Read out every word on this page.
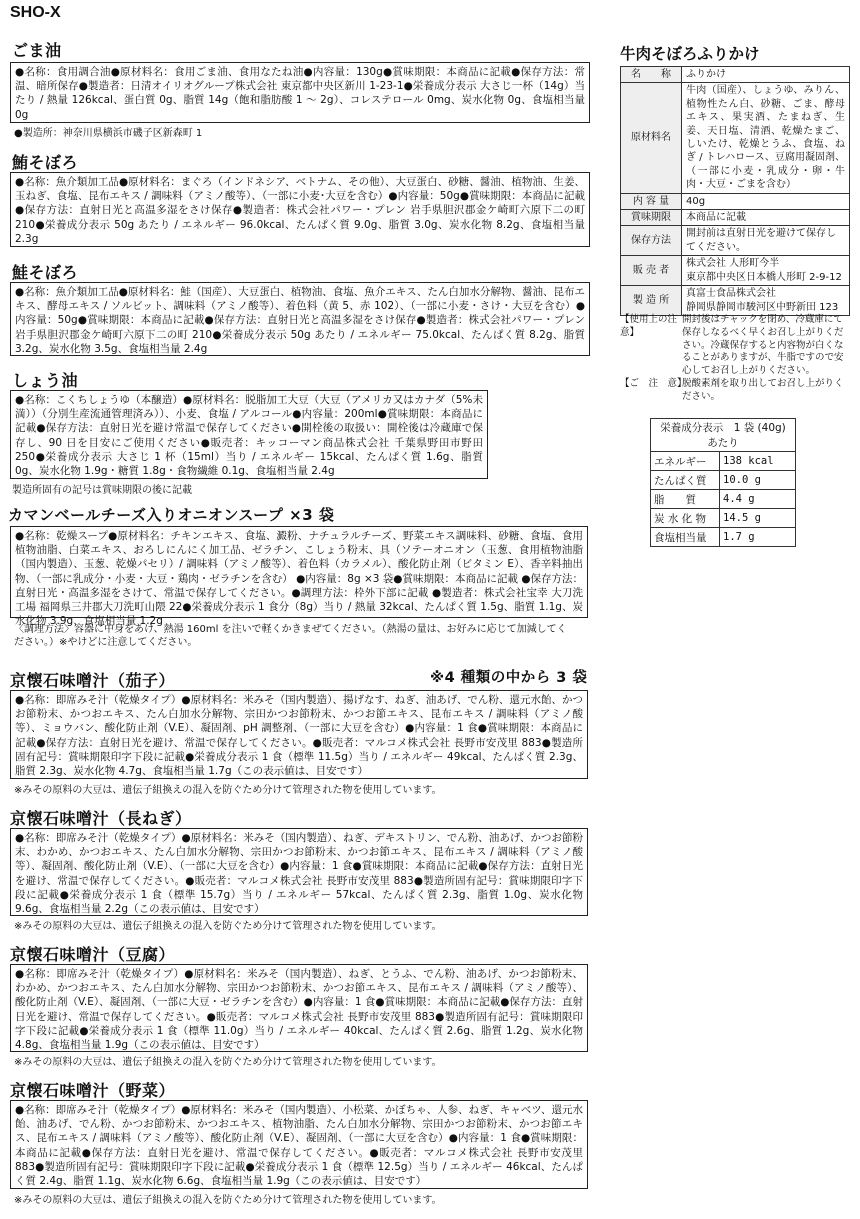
SHO-X
ごま油
●名称：食用調合油●原材料名：食用ごま油、食用なたね油●内容量：130g●賞味期限：本商品に記載●保存方法：常温、暗所保存●製造者：日清オイリオグループ株式会社 東京都中央区新川 1-23-1●栄養成分表示 大さじ一杯（14g）当たり / 熱量 126kcal、蛋白質 0g、脂質 14g（飽和脂肪酸 1 〜 2g）、コレステロール 0mg、炭水化物 0g、食塩相当量 0g
●製造所：神奈川県横浜市磯子区新森町 1
鮪そぼろ
●名称：魚介類加工品●原材料名：まぐろ（インドネシア、ベトナム、その他）、大豆蛋白、砂糖、醤油、植物油、生姜、玉ねぎ、食塩、昆布エキス / 調味料（アミノ酸等）、（一部に小麦･大豆を含む）●内容量：50g●賞味期限：本商品に記載●保存方法：直射日光と高温多湿をさけ保存●製造者：株式会社パワー・プレン 岩手県胆沢郡金ケ崎町六原下二の町 210●栄養成分表示 50g あたり / エネルギー 96.0kcal、たんぱく質 9.0g、脂質 3.0g、炭水化物 8.2g、食塩相当量 2.3g
鮭そぼろ
●名称：魚介類加工品●原材料名：鮭（国産）、大豆蛋白、植物油、食塩、魚介エキス、たん白加水分解物、醤油、昆布エキス、酵母エキス / ソルビット、調味料（アミノ酸等）、着色料（黄 5、赤 102）、（一部に小麦・さけ・大豆を含む）●内容量：50g●賞味期限：本商品に記載●保存方法：直射日光と高温多湿をさけ保存●製造者：株式会社パワー・プレン 岩手県胆沢郡金ケ崎町六原下二の町 210●栄養成分表示 50g あたり / エネルギー 75.0kcal、たんぱく質 8.2g、脂質 3.2g、炭水化物 3.5g、食塩相当量 2.4g
しょう油
●名称：こくちしょうゆ（本醸造）●原材料名：脱脂加工大豆（大豆（アメリカ又はカナダ（5%未満））（分別生産流通管理済み））、小麦、食塩 / アルコール●内容量：200ml●賞味期限：本商品に記載●保存方法：直射日光を避け常温で保存してください●開栓後の取扱い：開栓後は冷蔵庫で保存し、90 日を目安にご使用ください●販売者：キッコーマン商品株式会社 千葉県野田市野田 250●栄養成分表示 大さじ 1 杯（15ml）当り / エネルギー 15kcal、たんぱく質 1.6g、脂質 0g、炭水化物 1.9g・糖質 1.8g・食物繊維 0.1g、食塩相当量 2.4g
製造所固有の記号は賞味期限の後に記載
カマンベールチーズ入りオニオンスープ ×3 袋
●名称：乾燥スープ●原材料名：チキンエキス、食塩、澱粉、ナチュラルチーズ、野菜エキス調味料、砂糖、食塩、食用植物油脂、白菜エキス、おろしにんにく加工品、ゼラチン、こしょう粉末、具（ソテーオニオン（玉葱、食用植物油脂（国内製造）、玉葱、乾燥パセリ）/ 調味料（アミノ酸等）、着色料（カラメル）、酸化防止剤（ビタミン E）、香辛料抽出物、（一部に乳成分・小麦・大豆・鶏肉・ゼラチンを含む） ●内容量：8g ×3 袋●賞味期限：本商品に記載 ●保存方法：直射日光・高温多湿をさけて、常温で保存してください。●調理方法：枠外下部に記載 ●製造者：株式会社宝幸 大刀洗工場 福岡県三井郡大刀洗町山隈 22●栄養成分表示 1 食分（8g）当り / 熱量 32kcal、たんぱく質 1.5g、脂質 1.1g、炭水化物 3.9g、食塩相当量 1.2g
〈調理方法〉容器に中身をあけ、熱湯 160ml を注いで軽くかきまぜてください。（熱湯の量は、お好みに応じて加減してください。）※やけどに注意してください。
※4 種類の中から 3 袋
京懐石味噌汁（茄子）
●名称：即席みそ汁（乾燥タイプ）●原材料名：米みそ（国内製造）、揚げなす、ねぎ、油あげ、でん粉、還元水飴、かつお節粉末、かつおエキス、たん白加水分解物、宗田かつお節粉末、かつお節エキス、昆布エキス / 調味料（アミノ酸等）、ミョウバン、酸化防止剤（V.E）、凝固剤、pH 調整剤、（一部に大豆を含む）●内容量：1 食●賞味期限：本商品に記載●保存方法：直射日光を避け、常温で保存してください。●販売者：マルコメ株式会社 長野市安茂里 883●製造所固有記号：賞味期限印字下段に記載●栄養成分表示 1 食（標準 11.5g）当り / エネルギー 49kcal、たんぱく質 2.3g、脂質 2.3g、炭水化物 4.7g、食塩相当量 1.7g（この表示値は、目安です）
※みその原料の大豆は、遺伝子組換えの混入を防ぐため分けて管理された物を使用しています。
京懐石味噌汁（長ねぎ）
●名称：即席みそ汁（乾燥タイプ）●原材料名：米みそ（国内製造）、ねぎ、デキストリン、でん粉、油あげ、かつお節粉末、わかめ、かつおエキス、たん白加水分解物、宗田かつお節粉末、かつお節エキス、昆布エキス / 調味料（アミノ酸等）、凝固剤、酸化防止剤（V.E）、（一部に大豆を含む）●内容量：1 食●賞味期限：本商品に記載●保存方法：直射日光を避け、常温で保存してください。●販売者：マルコメ株式会社 長野市安茂里 883●製造所固有記号：賞味期限印字下段に記載●栄養成分表示 1 食（標準 15.7g）当り / エネルギー 57kcal、たんぱく質 2.3g、脂質 1.0g、炭水化物 9.6g、食塩相当量 2.2g（この表示値は、目安です）
※みその原料の大豆は、遺伝子組換えの混入を防ぐため分けて管理された物を使用しています。
京懐石味噌汁（豆腐）
●名称：即席みそ汁（乾燥タイプ）●原材料名：米みそ（国内製造）、ねぎ、とうふ、でん粉、油あげ、かつお節粉末、わかめ、かつおエキス、たん白加水分解物、宗田かつお節粉末、かつお節エキス、昆布エキス / 調味料（アミノ酸等）、酸化防止剤（V.E）、凝固剤、（一部に大豆・ゼラチンを含む）●内容量：1 食●賞味期限：本商品に記載●保存方法：直射日光を避け、常温で保存してください。●販売者：マルコメ株式会社 長野市安茂里 883●製造所固有記号：賞味期限印字下段に記載●栄養成分表示 1 食（標準 11.0g）当り / エネルギー 40kcal、たんぱく質 2.6g、脂質 1.2g、炭水化物 4.8g、食塩相当量 1.9g（この表示値は、目安です）
※みその原料の大豆は、遺伝子組換えの混入を防ぐため分けて管理された物を使用しています。
京懐石味噌汁（野菜）
●名称：即席みそ汁（乾燥タイプ）●原材料名：米みそ（国内製造）、小松菜、かぼちゃ、人参、ねぎ、キャベツ、還元水飴、油あげ、でん粉、かつお節粉末、かつおエキス、植物油脂、たん白加水分解物、宗田かつお節粉末、かつお節エキス、昆布エキス / 調味料（アミノ酸等）、酸化防止剤（V.E）、凝固剤、（一部に大豆を含む）●内容量：1 食●賞味期限：本商品に記載●保存方法：直射日光を避け、常温で保存してください。●販売者：マルコメ株式会社 長野市安茂里 883●製造所固有記号：賞味期限印字下段に記載●栄養成分表示 1 食（標準 12.5g）当り / エネルギー 46kcal、たんぱく質 2.4g、脂質 1.1g、炭水化物 6.6g、食塩相当量 1.9g（この表示値は、目安です）
※みその原料の大豆は、遺伝子組換えの混入を防ぐため分けて管理された物を使用しています。
牛肉そぼろふりかけ
名　　称	ふりかけ
原材料名	牛肉（国産）、しょうゆ、みりん、植物性たん白、砂糖、ごま、酵母エキス、果実酒、たまねぎ、生姜、天日塩、清酒、乾燥たまご、しいたけ、乾燥とうふ、食塩、ねぎ / トレハロース、豆腐用凝固剤、（一部に小麦・乳成分・卵・牛肉・大豆・ごまを含む）
内 容 量	40g
賞味期限	本商品に記載
保存方法	開封前は直射日光を避けて保存してください。
販 売 者	株式会社 人形町今半
東京都中央区日本橋人形町 2-9-12
製 造 所	真富士食品株式会社
静岡県静岡市駿河区中野新田 123
【使用上の注意】開封後はチャックを閉め、冷蔵庫にて保存しなるべく早くお召し上がりください。冷蔵保存すると内容物が白くなることがありますが、牛脂ですので安心してお召し上がりください。
【ご　注　意】脱酸素剤を取り出してお召し上がりください。
栄養成分表示　1 袋 (40g) あたり	
エネルギー	138 kcal
たんぱく質	10.0 g
脂　　質	4.4 g
炭 水 化 物	14.5 g
食塩相当量	1.7 g
